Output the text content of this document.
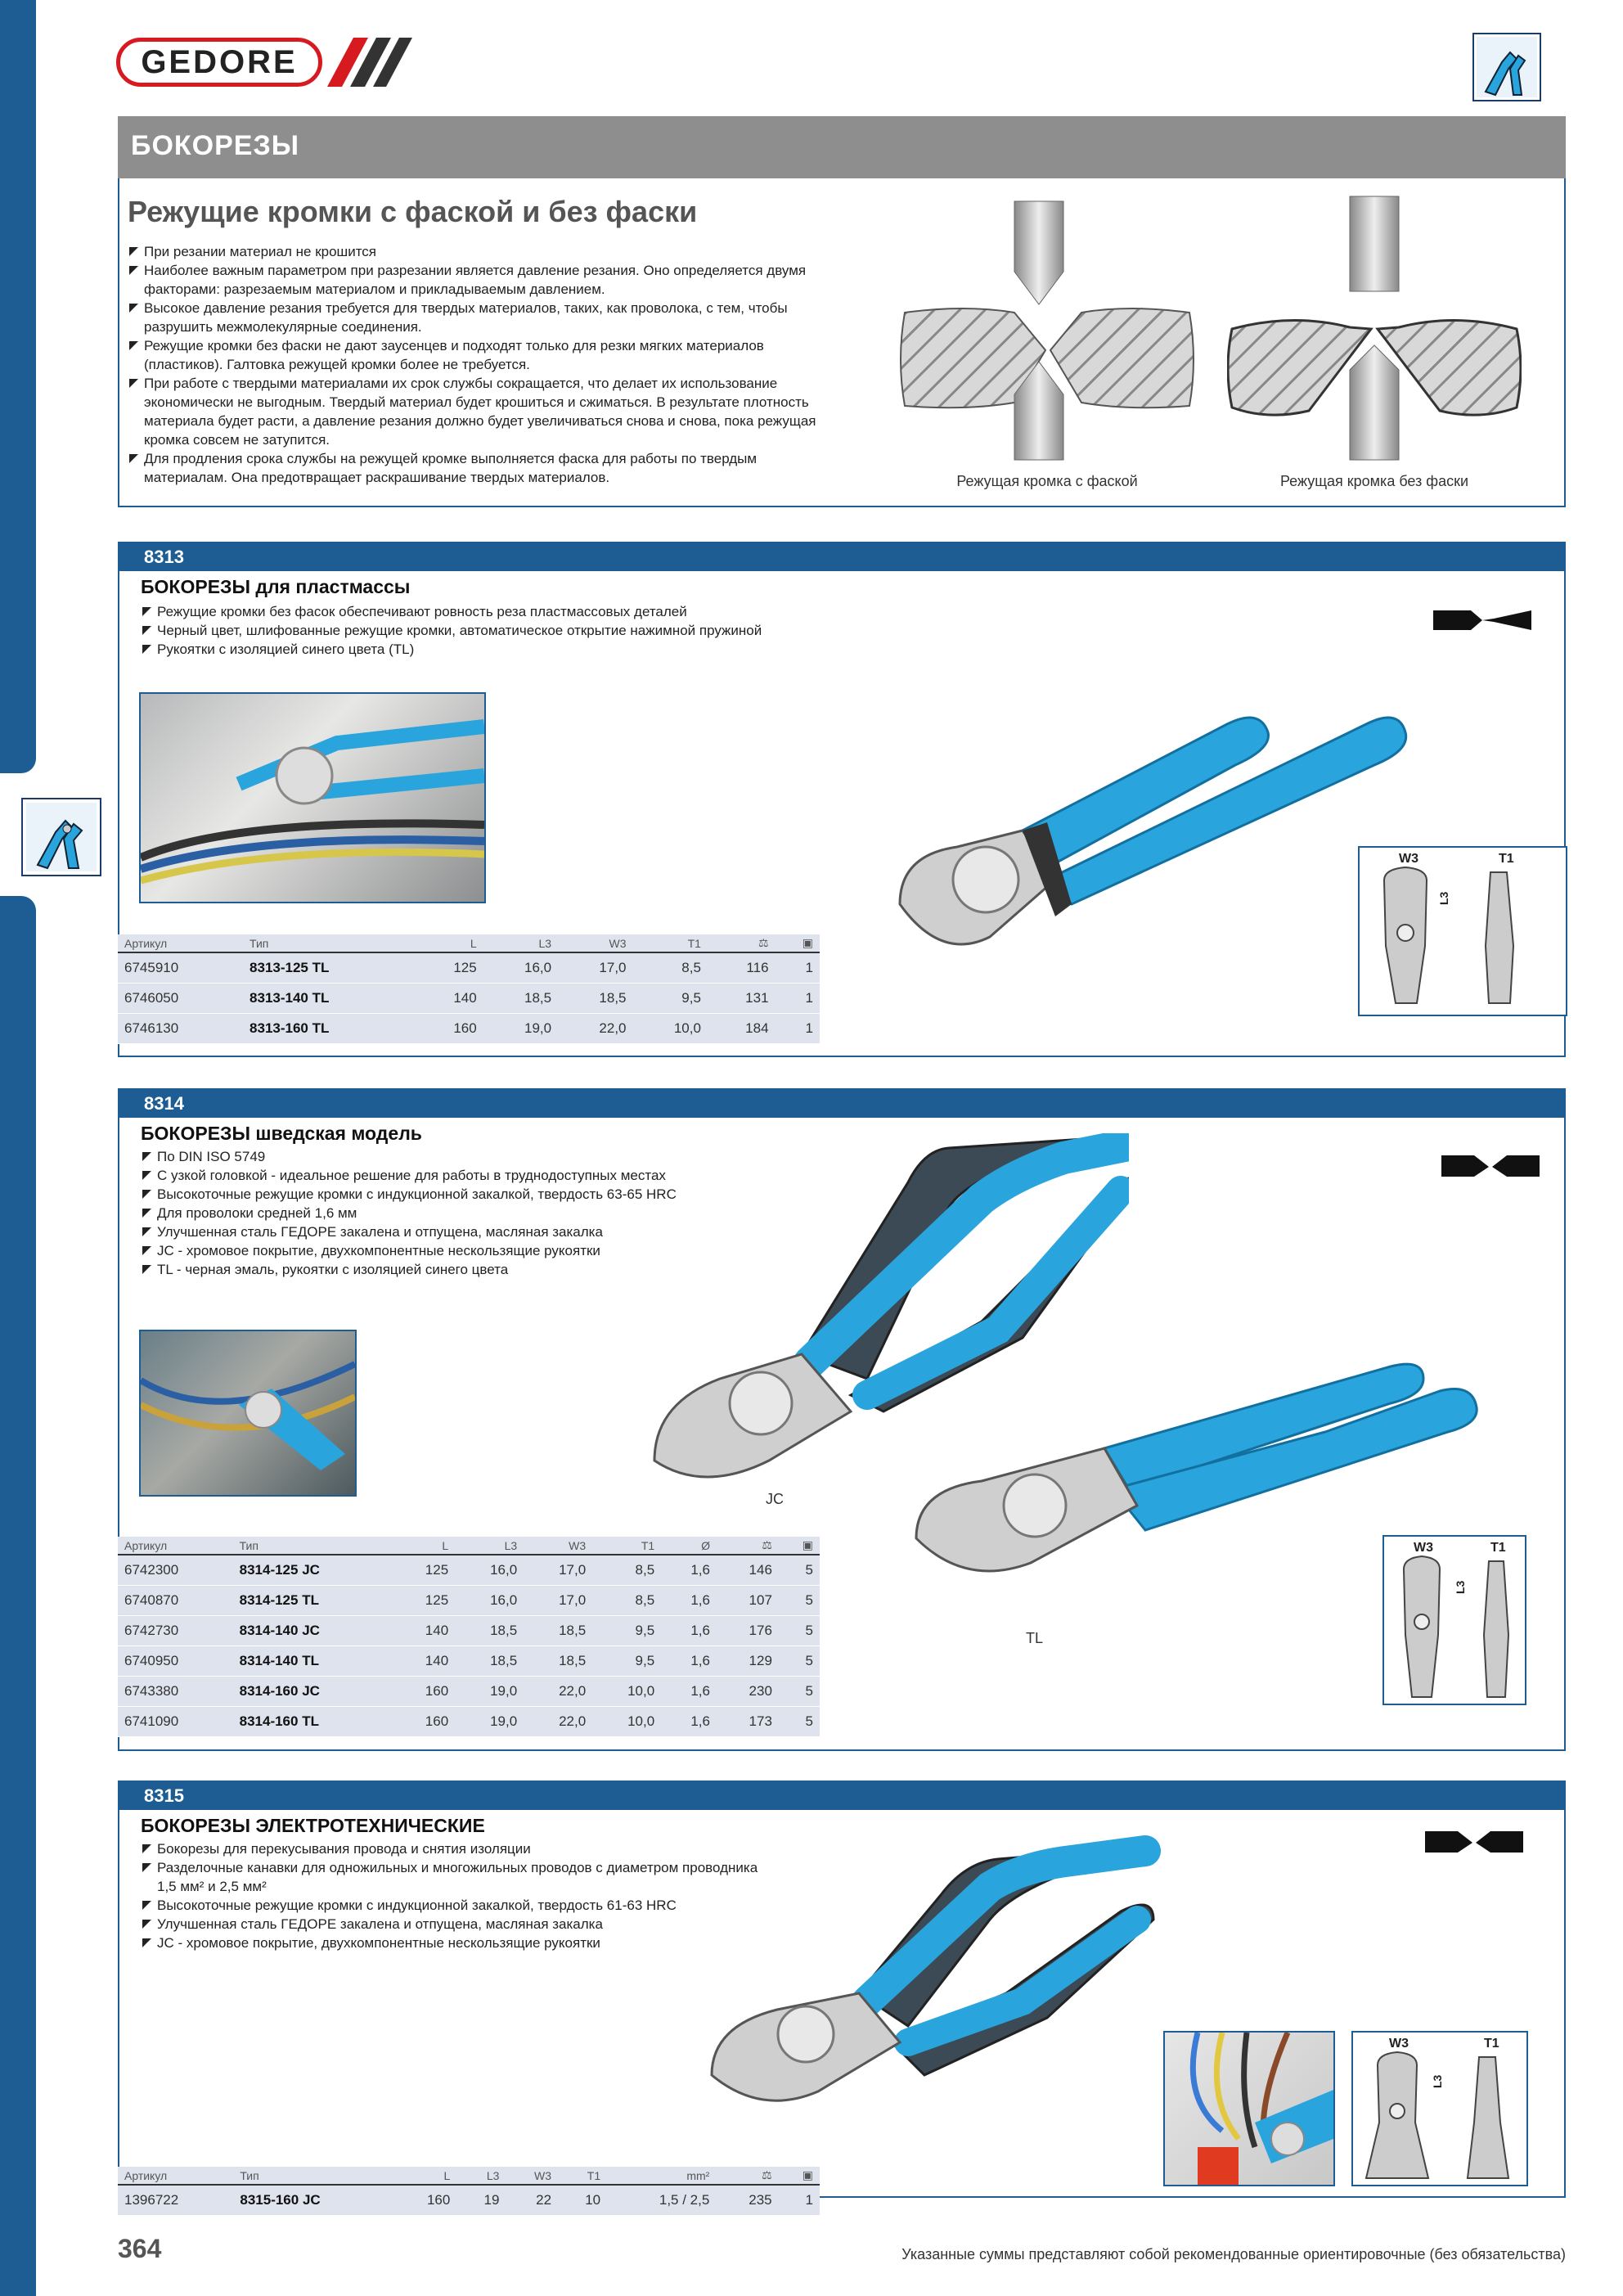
GEDORE
БОКОРЕЗЫ
Режущие кромки с фаской и без фаски
При резании материал не крошится
Наиболее важным параметром при разрезании является давление резания. Оно определяется двумя факторами: разрезаемым материалом и прикладываемым давлением.
Высокое давление резания требуется для твердых материалов, таких, как проволока, с тем, чтобы разрушить межмолекулярные соединения.
Режущие кромки без фаски не дают заусенцев и подходят только для резки мягких материалов (пластиков). Галтовка режущей кромки более не требуется.
При работе с твердыми материалами их срок службы сокращается, что делает их использование экономически не выгодным. Твердый материал будет крошиться и сжиматься. В результате плотность материала будет расти, а давление резания должно будет увеличиваться снова и снова, пока режущая кромка совсем не затупится.
Для продления срока службы на режущей кромке выполняется фаска для работы по твердым материалам. Она предотвращает раскрашивание твердых материалов.	Режущая кромка с фаской	Режущая кромка без фаски
8313
БОКОРЕЗЫ для пластмассы
Режущие кромки без фасок обеспечивают ровность реза пластмассовых деталей
Черный цвет, шлифованные режущие кромки, автоматическое открытие нажимной пружиной
Рукоятки с изоляцией синего цвета (TL)
W3	T1
L3
Артикул	Тип	L	L3	W3	T1	⚖	▣
6745910	8313-125 TL	125	16,0	17,0	8,5	116	1
6746050	8313-140 TL	140	18,5	18,5	9,5	131	1
6746130	8313-160 TL	160	19,0	22,0	10,0	184	1
8314
БОКОРЕЗЫ шведская модель
По DIN ISO 5749
С узкой головкой - идеальное решение для работы в труднодоступных местах
Высокоточные режущие кромки с индукционной закалкой, твердость 63-65 HRC
Для проволоки средней 1,6 мм
Улучшенная сталь ГЕДОРЕ закалена и отпущена, масляная закалка
JC - хромовое покрытие, двухкомпонентные нескользящие рукоятки
TL - черная эмаль, рукоятки с изоляцией синего цвета
JC
TL
W3	T1
L3
Артикул	Тип	L	L3	W3	T1	Ø	⚖	▣
6742300	8314-125 JC	125	16,0	17,0	8,5	1,6	146	5
6740870	8314-125 TL	125	16,0	17,0	8,5	1,6	107	5
6742730	8314-140 JC	140	18,5	18,5	9,5	1,6	176	5
6740950	8314-140 TL	140	18,5	18,5	9,5	1,6	129	5
6743380	8314-160 JC	160	19,0	22,0	10,0	1,6	230	5
6741090	8314-160 TL	160	19,0	22,0	10,0	1,6	173	5
8315
БОКОРЕЗЫ ЭЛЕКТРОТЕХНИЧЕСКИЕ
Бокорезы для перекусывания провода и снятия изоляции
Разделочные канавки для одножильных и многожильных проводов с диаметром проводника 1,5 мм² и 2,5 мм²
Высокоточные режущие кромки с индукционной закалкой, твердость 61-63 HRC
Улучшенная сталь ГЕДОРЕ закалена и отпущена, масляная закалка
JC - хромовое покрытие, двухкомпонентные нескользящие рукоятки
W3	T1
L3
Артикул	Тип	L	L3	W3	T1	mm²	⚖	▣
1396722	8315-160 JC	160	19	22	10	1,5 / 2,5	235	1
364	Указанные суммы представляют собой рекомендованные ориентировочные (без обязательства)
